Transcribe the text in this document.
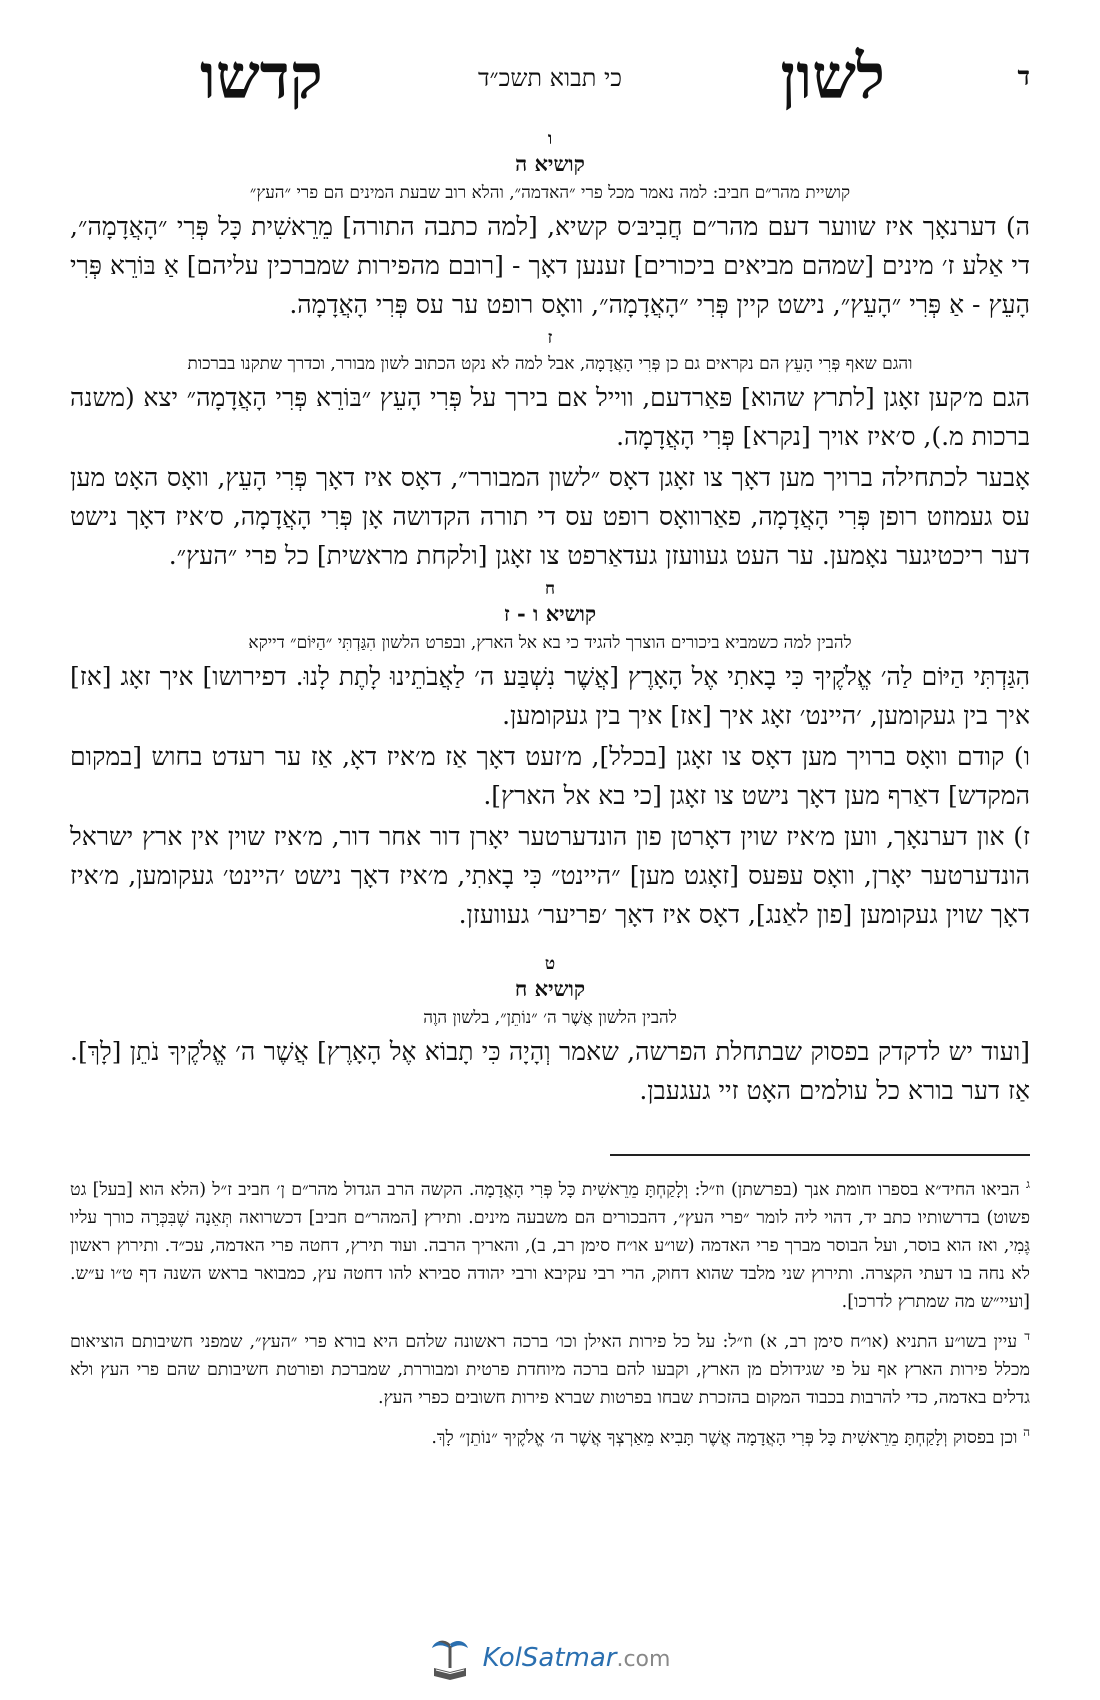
ד
לשון
כי תבוא תשכ״ד
קדשו
ו
קושיא ה
קושיית מהר״ם חביב: למה נאמר מכל פרי ״האדמה״, והלא רוב שבעת המינים הם פרי ״העץ״

ה) דערנאָך איז שווער דעם מהר״ם חֲבִיבּ׳ס קשיא, [למה כתבה התורה] מֵרֵאשִׁית כָּל פְּרִי ״הָאֲדָמָה״, די אַלע ז׳ מינים [שמהם מביאים ביכורים] זענען דאָך - [רובם מהפירות שמברכין עליהם] אַ בּוֹרֵא פְּרִי הָעֵץ - אַ פְּרִי ״הָעֵץ״, נישט קיין פְּרִי ״הָאֲדָמָה״, וואָס רופט ער עס פְּרִי הָאֲדָמָה.

ז
והגם שאף פְּרִי הָעֵץ הם נקראים גם כן פְּרִי הָאֲדָמָה, אבל למה לא נקט הכתוב לשון מבורר, וכדרך שתקנו בברכות

הגם מ׳קען זאָגן [לתרץ שהוא] פּאַרדעם, ווייל אם בירך על פְּרִי הָעֵץ ״בּוֹרֵא פְּרִי הָאֲדָמָה״ יצא (משנה ברכות מ.), ס׳איז אויך [נקרא] פְּרִי הָאֲדָמָה.

אָבער לכתחילה ברויך מען דאָך צו זאָגן דאָס ״לשון המבורר״, דאָס איז דאָך פְּרִי הָעֵץ, וואָס האָט מען עס געמוזט רופן פְּרִי הָאֲדָמָה, פאַרוואָס רופט עס די תורה הקדושה אָן פְּרִי הָאֲדָמָה, ס׳איז דאָך נישט דער ריכטיגער נאָמען. ער העט געוועזן געדאַרפט צו זאָגן [ולקחת מראשית] כל פרי ״העץ״.

ח
קושיא ו - ז
להבין למה כשמביא ביכורים הוצרך להגיד כי בא אל הארץ, ובפרט הלשון הִגַּדְתִּי ״הַיּוֹם״ דייקא

הִגַּדְתִּי הַיּוֹם לַה׳ אֱלֹקֶיךָ כִּי בָאתִי אֶל הָאָרֶץ [אֲשֶׁר נִשְׁבַּע ה׳ לַאֲבֹתֵינוּ לָתֶת לָנוּ. דפירושו] איך זאָג [אז] איך בין געקומען, ׳היינט׳ זאָג איך [אז] איך בין געקומען.

ו) קודם וואָס ברויך מען דאָס צו זאָגן [בכלל], מ׳זעט דאָך אַז מ׳איז דאָ, אַז ער רעדט בחוש [במקום המקדש] דאַרף מען דאָך נישט צו זאָגן [כי בא אל הארץ].

ז) און דערנאָך, ווען מ׳איז שוין דאָרטן פון הונדערטער יאָרן דור אחר דור, מ׳איז שוין אין ארץ ישראל הונדערטער יאָרן, וואָס עפּעס [זאָגט מען] ״היינט״ כִּי בָאתִי, מ׳איז דאָך נישט ׳היינט׳ געקומען, מ׳איז דאָך שוין געקומען [פון לאַנג], דאָס איז דאָך ׳פריער׳ געוועזן.

ט
קושיא ח
להבין הלשון אֲשֶׁר ה׳ ״נוֹתֵן״, בלשון הוֶה

[ועוד יש לדקדק בפסוק שבתחלת הפרשה, שאמר וְהָיָה כִּי תָבוֹא אֶל הָאָרֶץ] אֲשֶׁר ה׳ אֱלֹקֶיךָ נֹתֵן [לָךְ]. אַז דער בורא כל עולמים האָט זיי געגעבן.

$^ג$ הביאו החיד״א בספרו חומת אנך (בפרשתן) וז״ל: וְלָקַחְתָּ מֵרֵאשִׁית כָּל פְּרִי הָאֲדָמָה. הקשה הרב הגדול מהר״ם ן׳ חביב ז״ל (הלא הוא [בעל] גט פשוט) בדרשותיו כתב יד, דהוי ליה לומר ״פרי העץ״, דהבכורים הם משבעה מינים. ותירץ [המהר״ם חביב] דכשרואה תְּאֵנָה שֶׁבִּכְּרָה כורך עליו גֶּמִי, ואז הוא בוסר, ועל הבוסר מברך פרי האדמה (שו״ע או״ח סימן רב, ב), והאריך הרבה. ועוד תירץ, דחטה פרי האדמה, עכ״ד. ותירוץ ראשון לא נחה בו דעתי הקצרה. ותירוץ שני מלבד שהוא דחוק, הרי רבי עקיבא ורבי יהודה סבירא להו דחטה עץ, כמבואר בראש השנה דף ט״ו ע״ש. [ועיי״ש מה שמתרץ לדרכו].

$^ד$ עיין בשו״ע התניא (או״ח סימן רב, א) וז״ל: על כל פירות האילן וכו׳ ברכה ראשונה שלהם היא בורא פרי ״העץ״, שמפני חשיבותם הוציאום מכלל פירות הארץ אף על פי שגידולם מן הארץ, וקבעו להם ברכה מיוחדת פרטית ומבוררת, שמברכת ופורטת חשיבותם שהם פרי העץ ולא גדלים באדמה, כדי להרבות בכבוד המקום בהזכרת שבחו בפרטות שברא פירות חשובים כפרי העץ.

$^ה$ וכן בפסוק וְלָקַחְתָּ מֵרֵאשִׁית כָּל פְּרִי הָאֲדָמָה אֲשֶׁר תָּבִיא מֵאַרְצְךָ אֲשֶׁר ה׳ אֱלֹקֶיךָ ״נוֹתֵן״ לָךְ.

KolSatmar.com
